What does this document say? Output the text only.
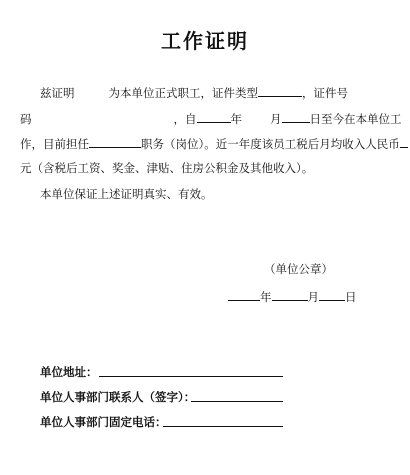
工作证明
兹证明	为本单位正式职工，证件类型	，证件号
码	，自	年 月 日至今在本单位工
作，目前担任	职务（岗位）。近一年度该员工税后月均收入人民币
元（含税后工资、奖金、津贴、住房公积金及其他收入）。
本单位保证上述证明真实、有效。
（单位公章）
年	月 日
单位地址：
单位人事部门联系人（签字）：
单位人事部门固定电话：
